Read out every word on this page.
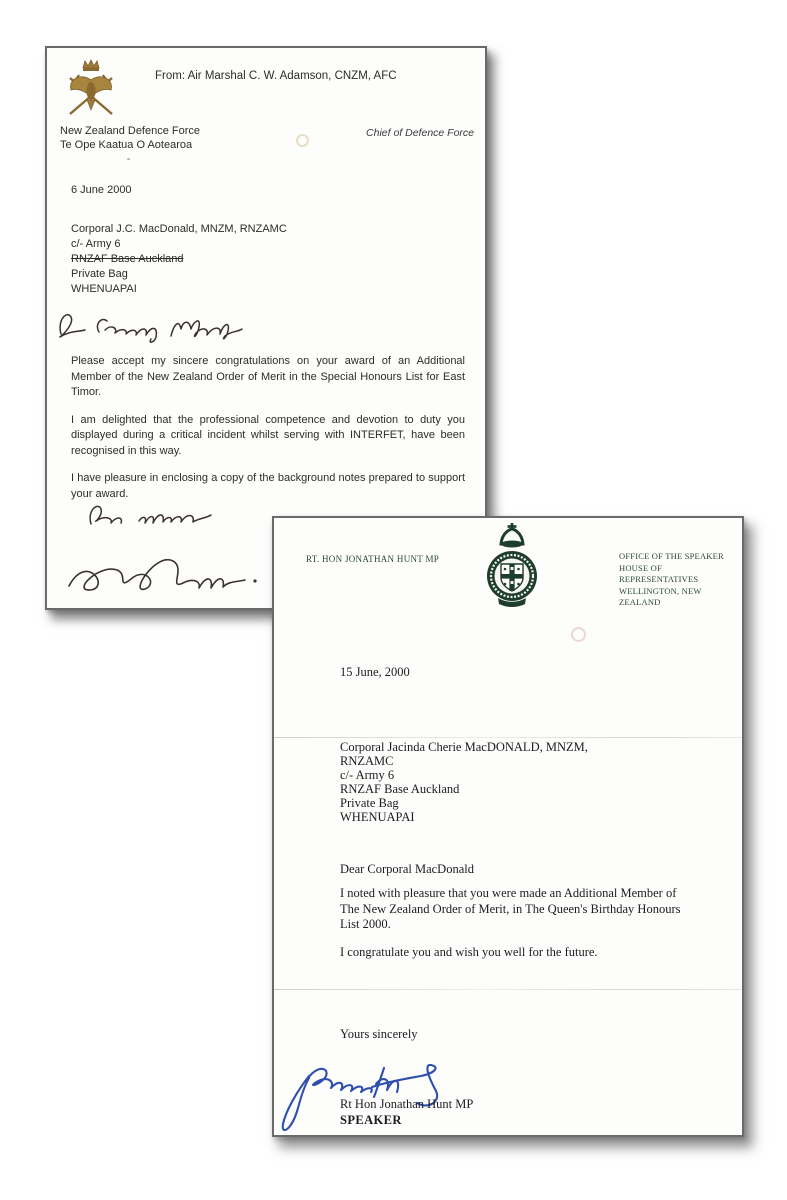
From: Air Marshal C. W. Adamson, CNZM, AFC
New Zealand Defence Force
Te Ope Kaatua O Aotearoa
Chief of Defence Force
6 June 2000
Corporal J.C. MacDonald, MNZM, RNZAMC
c/- Army 6
RNZAF Base Auckland
Private Bag
WHENUAPAI

Please accept my sincere congratulations on your award of an Additional Member of the New Zealand Order of Merit in the Special Honours List for East Timor.

I am delighted that the professional competence and devotion to duty you displayed during a critical incident whilst serving with INTERFET, have been recognised in this way.

I have pleasure in enclosing a copy of the background notes prepared to support your award.

RT. HON JONATHAN HUNT MP	OFFICE OF THE SPEAKER
HOUSE OF REPRESENTATIVES
WELLINGTON, NEW ZEALAND
15 June, 2000
Corporal Jacinda Cherie MacDONALD, MNZM,
RNZAMC
c/- Army 6
RNZAF Base Auckland
Private Bag
WHENUAPAI
Dear Corporal MacDonald

I noted with pleasure that you were made an Additional Member of The New Zealand Order of Merit, in The Queen's Birthday Honours List 2000.

I congratulate you and wish you well for the future.

Yours sincerely
Rt Hon Jonathan Hunt MP
SPEAKER
